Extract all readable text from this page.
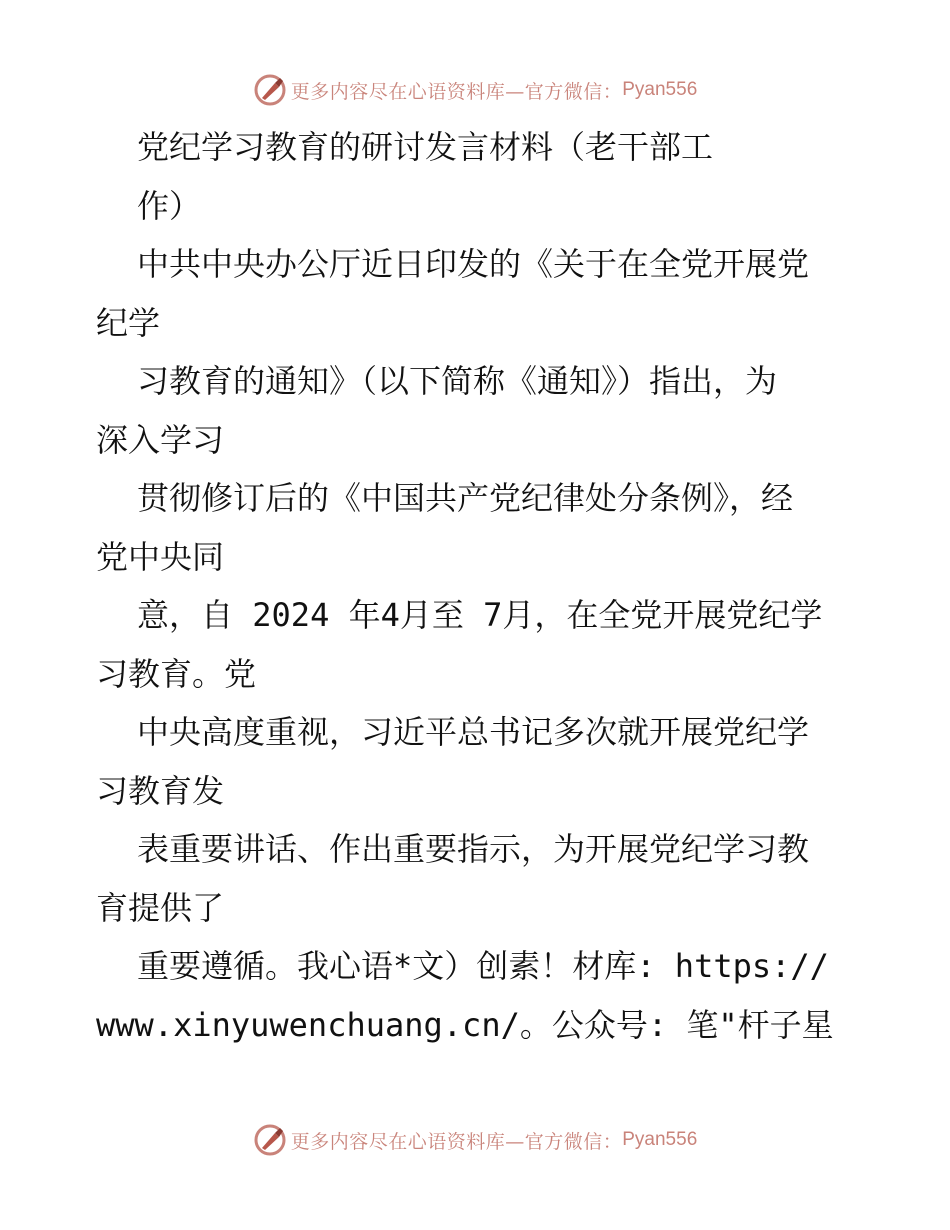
更多内容尽在心语资料库—官方微信： Pyan556
党纪学习教育的研讨发言材料（老干部工
作）
中共中央办公厅近日印发的《关于在全党开展党
纪学
习教育的通知》（以下简称《通知》）指出，为
深入学习
贯彻修订后的《中国共产党纪律处分条例》，经
党中央同
意，自 2024 年4月至 7月，在全党开展党纪学
习教育。党
中央高度重视，习近平总书记多次就开展党纪学
习教育发
表重要讲话、作出重要指示，为开展党纪学习教
育提供了
重要遵循。我心语*文）创素！材库: https://
www.xinyuwenchuang.cn/。公众号: 笔"杆子星
更多内容尽在心语资料库—官方微信： Pyan556
